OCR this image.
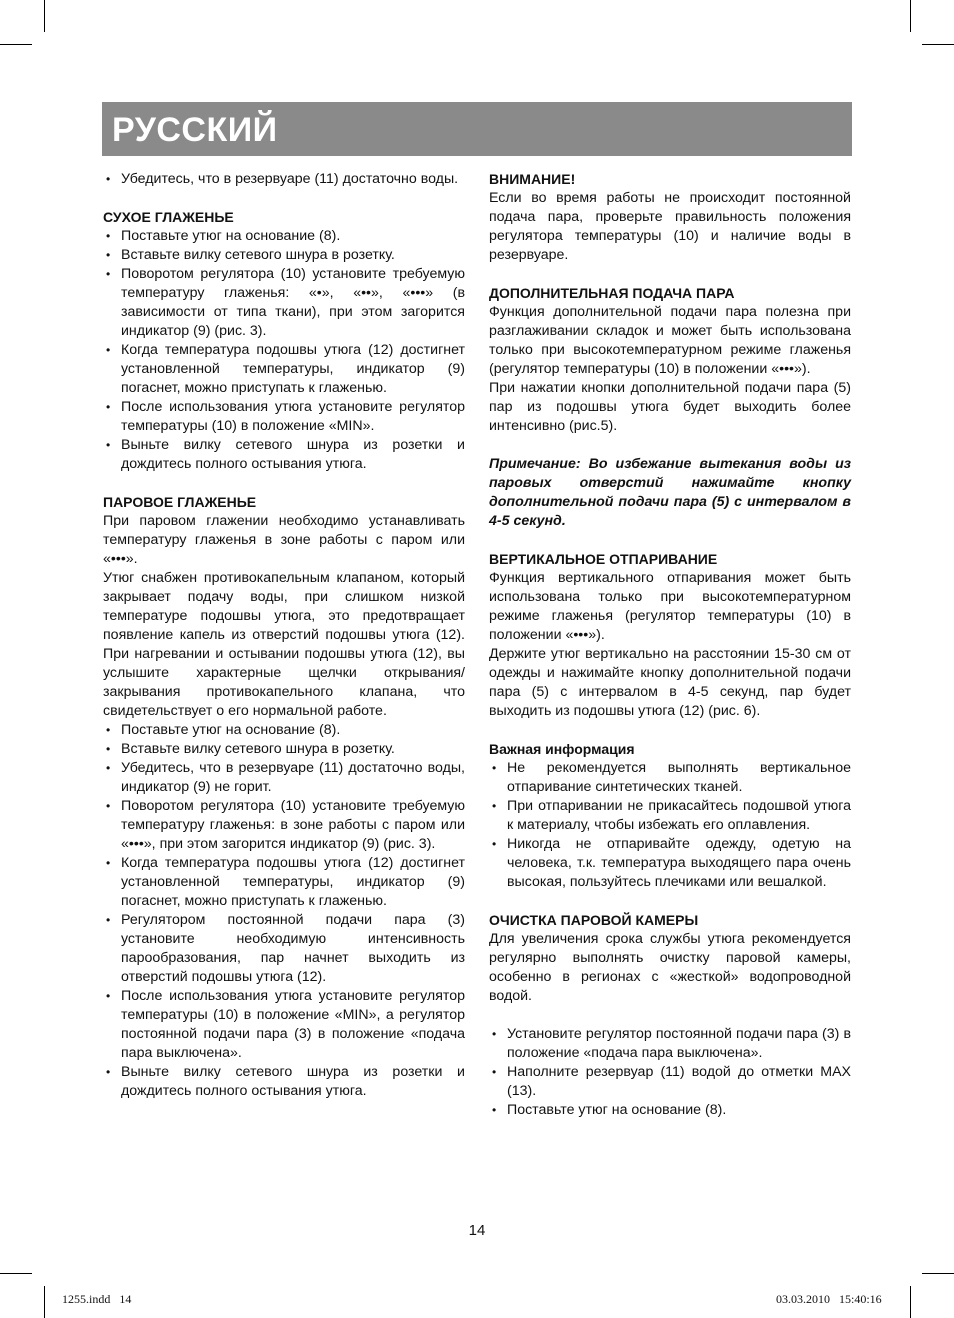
РУССКИЙ
• Убедитесь, что в резервуаре (11) достаточно воды.
СУХОЕ ГЛАЖЕНЬЕ
• Поставьте утюг на основание (8).
• Вставьте вилку сетевого шнура в розетку.
• Поворотом регулятора (10) установите требуемую температуру глаженья: «•», «••», «•••» (в зависимости от типа ткани), при этом загорится индикатор (9) (рис. 3).
• Когда температура подошвы утюга (12) достигнет установленной температуры, индикатор (9) погаснет, можно приступать к глаженью.
• После использования утюга установите регулятор температуры (10) в положение «MIN».
• Выньте вилку сетевого шнура из розетки и дождитесь полного остывания утюга.
ПАРОВОЕ ГЛАЖЕНЬЕ

При паровом глажении необходимо устанавливать температуру глаженья в зоне работы с паром или «•••».

Утюг снабжен противокапельным клапаном, который закрывает подачу воды, при слишком низкой температуре подошвы утюга, это предотвращает появление капель из отверстий подошвы утюга (12). При нагревании и остывании подошвы утюга (12), вы услышите характерные щелчки открывания/закрывания противокапельного клапана, что свидетельствует о его нормальной работе.

• Поставьте утюг на основание (8).
• Вставьте вилку сетевого шнура в розетку.
• Убедитесь, что в резервуаре (11) достаточно воды, индикатор (9) не горит.
• Поворотом регулятора (10) установите требуемую температуру глаженья: в зоне работы с паром или «•••», при этом загорится индикатор (9) (рис. 3).
• Когда температура подошвы утюга (12) достигнет установленной температуры, индикатор (9) погаснет, можно приступать к глаженью.
• Регулятором постоянной подачи пара (3) установите необходимую интенсивность парообразования, пар начнет выходить из отверстий подошвы утюга (12).
• После использования утюга установите регулятор температуры (10) в положение «MIN», а регулятор постоянной подачи пара (3) в положение «подача пара выключена».
• Выньте вилку сетевого шнура из розетки и дождитесь полного остывания утюга.
ВНИМАНИЕ!

Если во время работы не происходит постоянной подача пара, проверьте правильность положения регулятора температуры (10) и наличие воды в резервуаре.

ДОПОЛНИТЕЛЬНАЯ ПОДАЧА ПАРА

Функция дополнительной подачи пара полезна при разглаживании складок и может быть использована только при высокотемпературном режиме глаженья (регулятор температуры (10) в положении «•••»).

При нажатии кнопки дополнительной подачи пара (5) пар из подошвы утюга будет выходить более интенсивно (рис.5).

Примечание: Во избежание вытекания воды из паровых отверстий нажимайте кнопку дополнительной подачи пара (5) с интервалом в 4-5 секунд.

ВЕРТИКАЛЬНОЕ ОТПАРИВАНИЕ

Функция вертикального отпаривания может быть использована только при высокотемпературном режиме глаженья (регулятор температуры (10) в положении «•••»).

Держите утюг вертикально на расстоянии 15-30 см от одежды и нажимайте кнопку дополнительной подачи пара (5) с интервалом в 4-5 секунд, пар будет выходить из подошвы утюга (12) (рис. 6).

Важная информация
• Не рекомендуется выполнять вертикальное отпаривание синтетических тканей.
• При отпаривании не прикасайтесь подошвой утюга к материалу, чтобы избежать его оплавления.
• Никогда не отпаривайте одежду, одетую на человека, т.к. температура выходящего пара очень высокая, пользуйтесь плечиками или вешалкой.
ОЧИСТКА ПАРОВОЙ КАМЕРЫ

Для увеличения срока службы утюга рекомендуется регулярно выполнять очистку паровой камеры, особенно в регионах с «жесткой» водопроводной водой.

• Установите регулятор постоянной подачи пара (3) в положение «подача пара выключена».
• Наполните резервуар (11) водой до отметки MAX (13).
• Поставьте утюг на основание (8).
14
1255.indd   14	03.03.2010   15:40:16
